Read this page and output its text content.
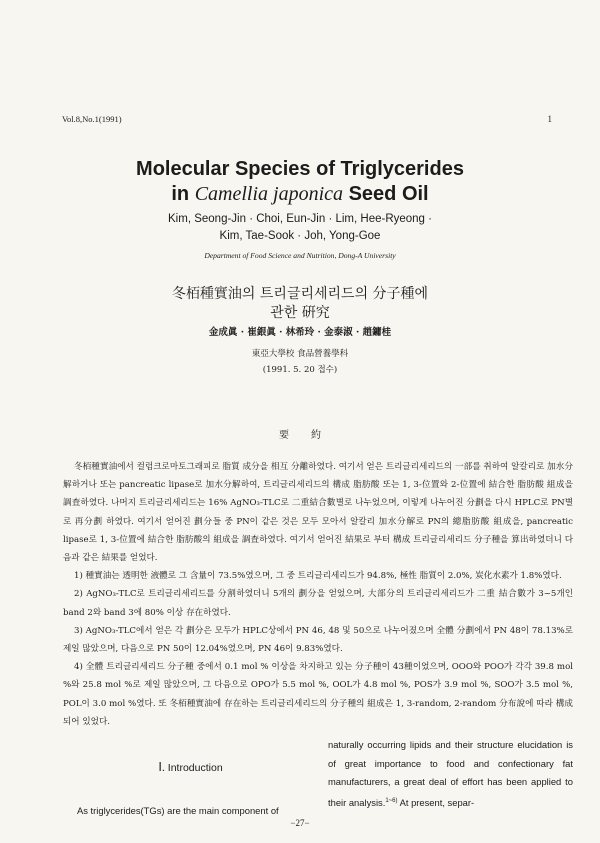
Vol.8,No.1(1991)	1
Molecular Species of Triglycerides
in Camellia japonica Seed Oil
Kim, Seong-Jin · Choi, Eun-Jin · Lim, Hee-Ryeong ·
Kim, Tae-Sook · Joh, Yong-Goe
Department of Food Science and Nutrition, Dong-A University
冬栢種實油의 트리글리세리드의 分子種에
관한 硏究
金成眞 · 崔銀眞 · 林希玲 · 金泰淑 · 趙鏞桂
東亞大學校 食品營養學科
(1991. 5. 20 접수)
要約

冬栢種實油에서 컬럼크로마토그래피로 脂質 成分을 相互 分離하였다. 여기서 얻은 트리글리세리드의 一部를 취하여 알칼리로 加水分解하거나 또는 pancreatic lipase로 加水分解하여, 트리글리세리드의 構成 脂肪酸 또는 1, 3-位置와 2-位置에 結合한 脂肪酸 組成을 調査하였다. 나머지 트리글리세리드는 16% AgNO₃-TLC로 二重結合數별로 나누었으며, 이렇게 나누어진 分劃을 다시 HPLC로 PN별로 再分劃 하였다. 여기서 얻어진 劃分들 중 PN이 같은 것은 모두 모아서 알칼리 加水分解로 PN의 總脂肪酸 組成을, pancreatic lipase로 1, 3-位置에 結合한 脂肪酸의 組成을 調査하였다. 여기서 얻어진 結果로 부터 構成 트리글리세리드 分子種을 算出하였더니 다음과 같은 結果를 얻었다.

1) 種實油는 透明한 液體로 그 含量이 73.5%였으며, 그 중 트리글리세리드가 94.8%, 極性 脂質이 2.0%, 炭化水素가 1.8%였다.

2) AgNO₃-TLC로 트리글리세리드를 分割하였더니 5개의 劃分을 얻었으며, 大部分의 트리글리세리드가 二重 結合數가 3~5개인 band 2와 band 3에 80% 이상 存在하였다.

3) AgNO₃-TLC에서 얻은 각 劃分은 모두가 HPLC상에서 PN 46, 48 및 50으로 나누어졌으며 全體 分劃에서 PN 48이 78.13%로 제일 많았으며, 다음으로 PN 50이 12.04%였으며, PN 46이 9.83%였다.

4) 全體 트리글리세리드 分子種 중에서 0.1 mol % 이상을 차지하고 있는 分子種이 43種이었으며, OOO와 POO가 각각 39.8 mol %와 25.8 mol %로 제일 많았으며, 그 다음으로 OPO가 5.5 mol %, OOL가 4.8 mol %, POS가 3.9 mol %, SOO가 3.5 mol %, POL이 3.0 mol %였다. 또 冬栢種實油에 存在하는 트리글리세리드의 分子種의 組成은 1, 3-random, 2-random 分布說에 따라 構成되어 있었다.

Ⅰ. Introduction

As triglycerides(TGs) are the main component of

naturally occurring lipids and their structure elucidation is of great importance to food and confectionary fat manufacturers, a great deal of effort has been applied to their analysis.$^{1\sim 6)}$ At present, separ-
−27−
